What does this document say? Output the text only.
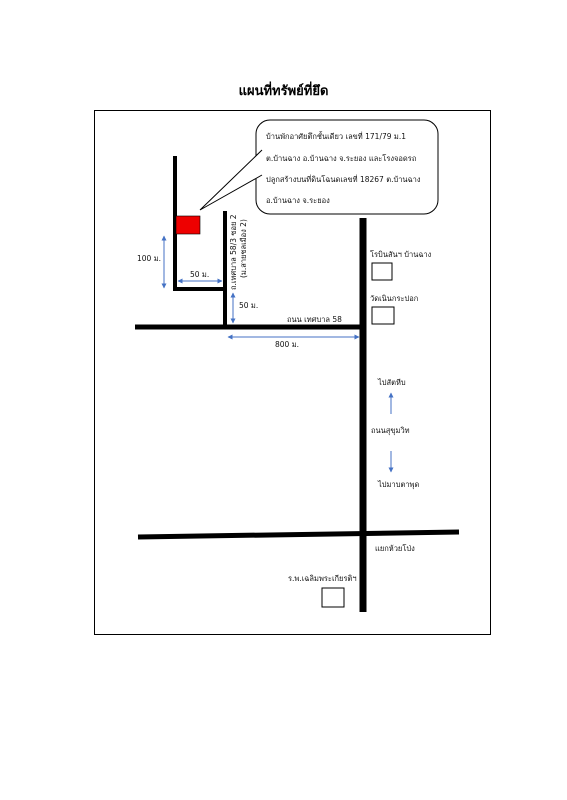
แผนที่ทรัพย์ที่ยึด
บ้านพักอาศัยตึกชั้นเดียว เลขที่ 171/79 ม.1
ต.บ้านฉาง อ.บ้านฉาง จ.ระยอง และโรงจอดรถ
ปลูกสร้างบนที่ดินโฉนดเลขที่ 18267 ต.บ้านฉาง
อ.บ้านฉาง จ.ระยอง
100 ม.
50 ม.
50 ม.
800 ม.
ถ.เทศบาล 58/3 ซอย 2 (ม.สายชลเมือง 2)
ถนน เทศบาล 58
ถนนสุขุมวิท
ไปสัตหีบ
ไปมาบตาพุด
แยกห้วยโป่ง
โรบินสันฯ บ้านฉาง
วัดเนินกระปอก
ร.พ.เฉลิมพระเกียรติฯ
